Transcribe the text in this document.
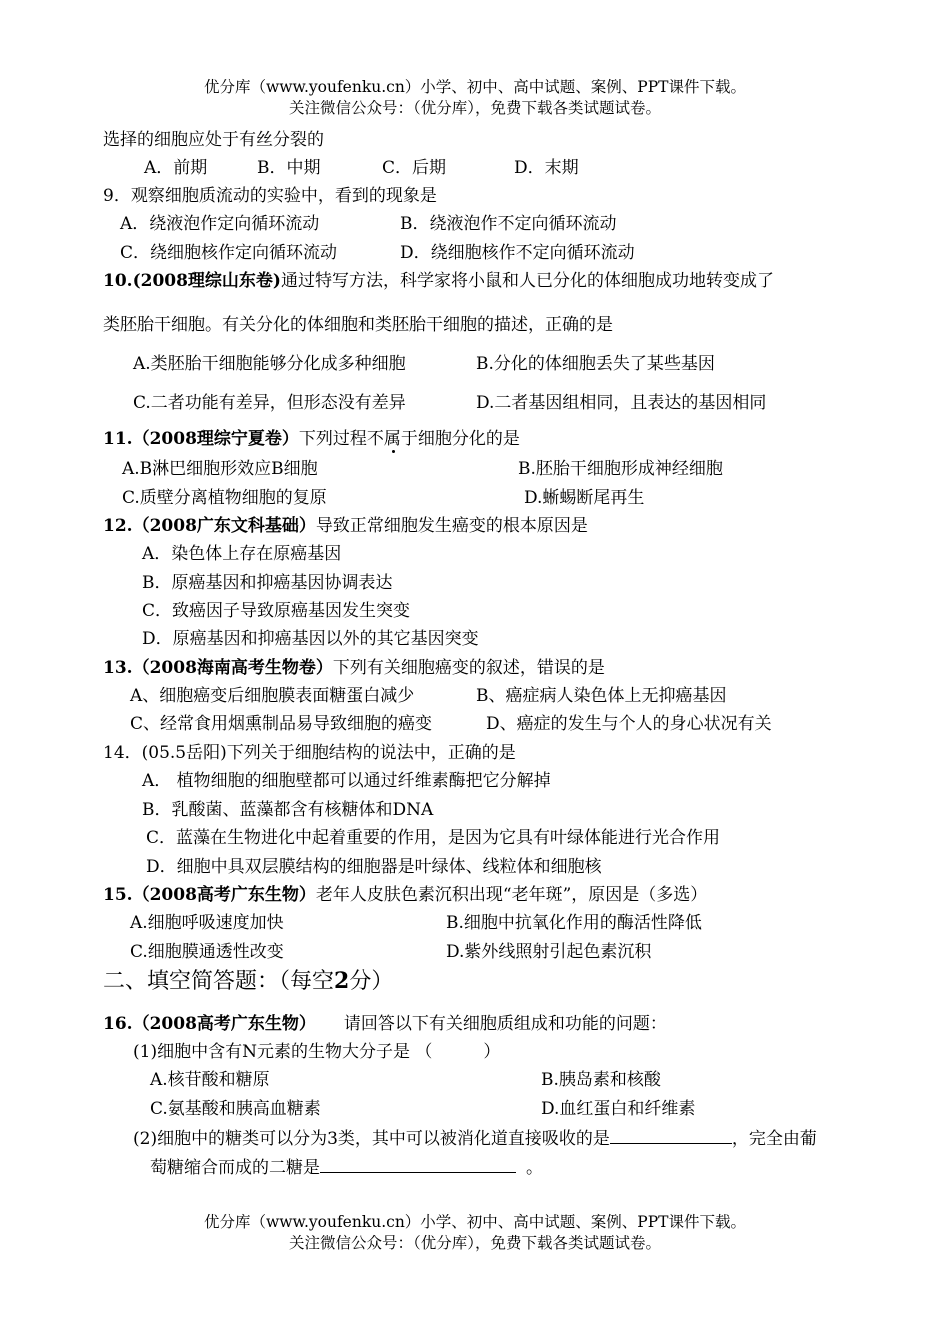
优分库（www.youfenku.cn）小学、初中、高中试题、案例、PPT课件下载。
关注微信公众号：（优分库），免费下载各类试题试卷。
选择的细胞应处于有丝分裂的
A．前期	B．中期	C．后期	D．末期
9．观察细胞质流动的实验中，看到的现象是
A．绕液泡作定向循环流动	B．绕液泡作不定向循环流动
C．绕细胞核作定向循环流动	D．绕细胞核作不定向循环流动
10.(2008理综山东卷)通过特写方法，科学家将小鼠和人已分化的体细胞成功地转变成了
类胚胎干细胞。有关分化的体细胞和类胚胎干细胞的描述，正确的是
A.类胚胎干细胞能够分化成多种细胞	B.分化的体细胞丢失了某些基因
C.二者功能有差异，但形态没有差异	D.二者基因组相同，且表达的基因相同
11.（2008理综宁夏卷）下列过程不属于细胞分化的是
A.B淋巴细胞形效应B细胞	B.胚胎干细胞形成神经细胞
C.质壁分离植物细胞的复原	D.蜥蜴断尾再生
12.（2008广东文科基础）导致正常细胞发生癌变的根本原因是
A．染色体上存在原癌基因
B．原癌基因和抑癌基因协调表达
C．致癌因子导致原癌基因发生突变
D．原癌基因和抑癌基因以外的其它基因突变
13.（2008海南高考生物卷）下列有关细胞癌变的叙述，错误的是
A、细胞癌变后细胞膜表面糖蛋白减少	B、癌症病人染色体上无抑癌基因
C、经常食用烟熏制品易导致细胞的癌变	D、癌症的发生与个人的身心状况有关
14．(05.5岳阳)下列关于细胞结构的说法中，正确的是
A． 植物细胞的细胞壁都可以通过纤维素酶把它分解掉
B．乳酸菌、蓝藻都含有核糖体和DNA
C．蓝藻在生物进化中起着重要的作用，是因为它具有叶绿体能进行光合作用
D．细胞中具双层膜结构的细胞器是叶绿体、线粒体和细胞核
15.（2008高考广东生物）老年人皮肤色素沉积出现“老年斑”，原因是（多选）
A.细胞呼吸速度加快	B.细胞中抗氧化作用的酶活性降低
C.细胞膜通透性改变	D.紫外线照射引起色素沉积
二、填空简答题：（每空2分）
16.（2008高考广东生物） 请回答以下有关细胞质组成和功能的问题：
(1)细胞中含有N元素的生物大分子是 （　　　）
A.核苷酸和糖原	B.胰岛素和核酸
C.氨基酸和胰高血糖素	D.血红蛋白和纤维素
(2)细胞中的糖类可以分为3类，其中可以被消化道直接吸收的是	，完全由葡
萄糖缩合而成的二糖是	。
优分库（www.youfenku.cn）小学、初中、高中试题、案例、PPT课件下载。
关注微信公众号：（优分库），免费下载各类试题试卷。
